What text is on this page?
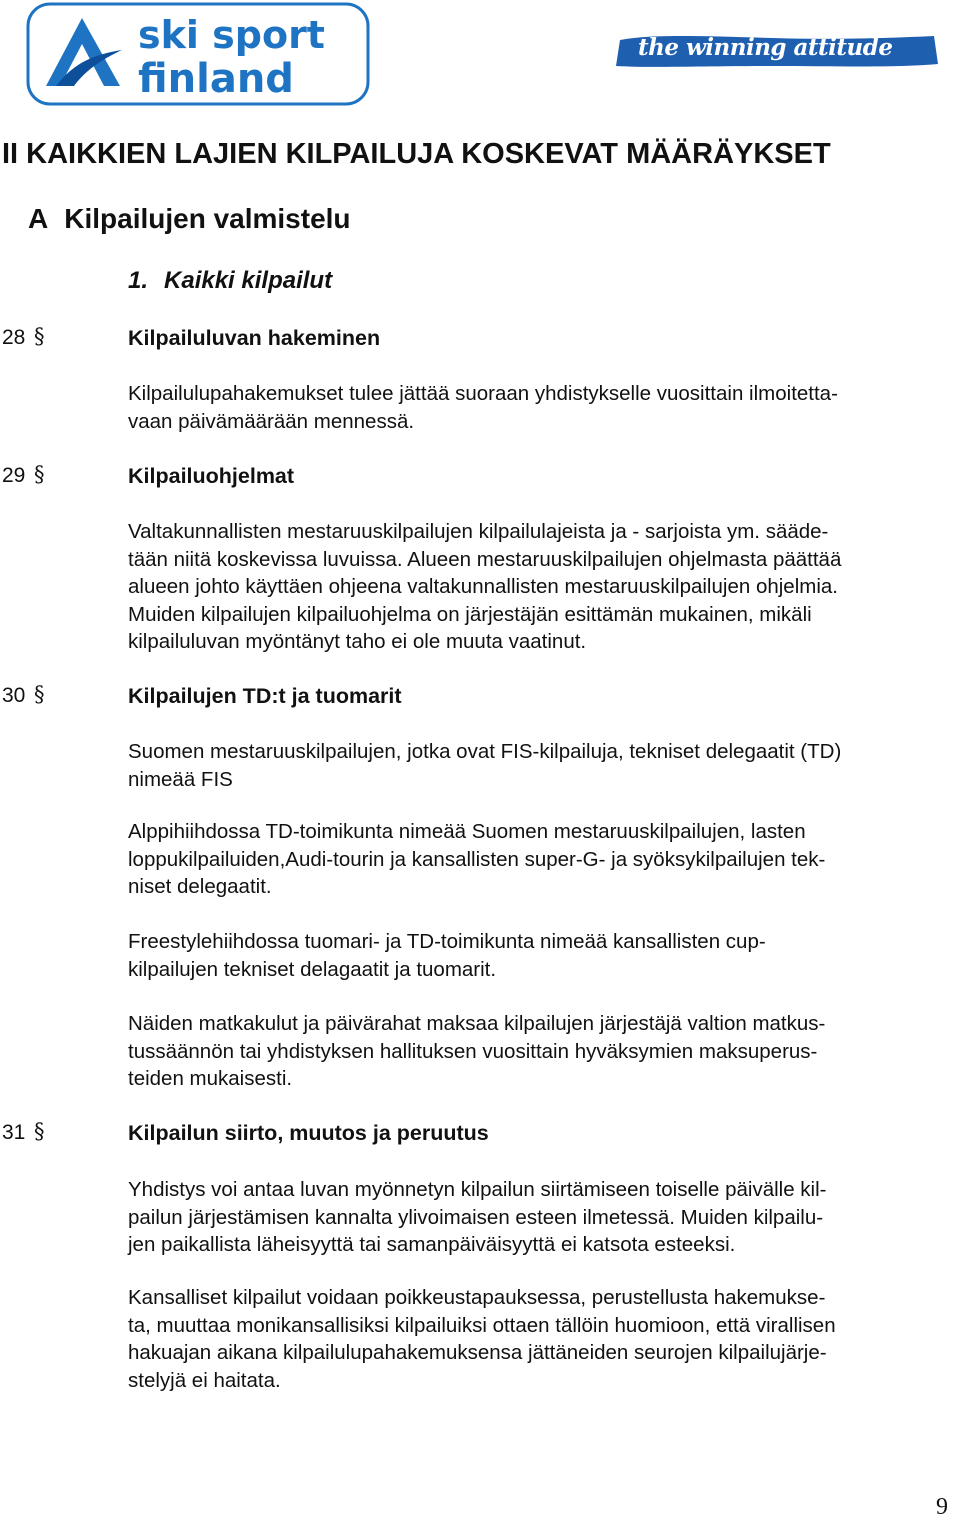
ski sport
finland
the winning attitude
II KAIKKIEN LAJIEN KILPAILUJA KOSKEVAT MÄÄRÄYKSET
A Kilpailujen valmistelu
1. Kaikki kilpailut
28 §	Kilpailuluvan hakeminen
Kilpailulupahakemukset tulee jättää suoraan yhdistykselle vuosittain ilmoitetta-
vaan päivämäärään mennessä.
29 §	Kilpailuohjelmat
Valtakunnallisten mestaruuskilpailujen kilpailulajeista ja - sarjoista ym. säädе-
tään niitä koskevissa luvuissa. Alueen mestaruuskilpailujen ohjelmasta päättää
alueen johto käyttäen ohjeena valtakunnallisten mestaruuskilpailujen ohjelmia.
Muiden kilpailujen kilpailuohjelma on järjestäjän esittämän mukainen, mikäli
kilpailuluvan myöntänyt taho ei ole muuta vaatinut.
30 §	Kilpailujen TD:t ja tuomarit
Suomen mestaruuskilpailujen, jotka ovat FIS-kilpailuja, tekniset delegaatit (TD)
nimeää FIS
Alppihiihdossa TD-toimikunta nimeää Suomen mestaruuskilpailujen, lasten
loppukilpailuiden,Audi-tourin ja kansallisten super-G- ja syöksykilpailujen tek-
niset delegaatit.
Freestylehiihdossa tuomari- ja TD-toimikunta nimeää kansallisten cup-
kilpailujen tekniset delagaatit ja tuomarit.
Näiden matkakulut ja päivärahat maksaa kilpailujen järjestäjä valtion matkus-
tussäännön tai yhdistyksen hallituksen vuosittain hyväksymien maksuperus-
teiden mukaisesti.
31 §	Kilpailun siirto, muutos ja peruutus
Yhdistys voi antaa luvan myönnetyn kilpailun siirtämiseen toiselle päivälle kil-
pailun järjestämisen kannalta ylivoimaisen esteen ilmetessä. Muiden kilpailu-
jen paikallista läheisyyttä tai samanpäiväisyyttä ei katsota esteeksi.
Kansalliset kilpailut voidaan poikkeustapauksessa, perustellusta hakemukse-
ta, muuttaa monikansallisiksi kilpailuiksi ottaen tällöin huomioon, että virallisen
hakuajan aikana kilpailulupahakemuksensa jättäneiden seurojen kilpailujärje-
stelyjä ei haitata.
9
